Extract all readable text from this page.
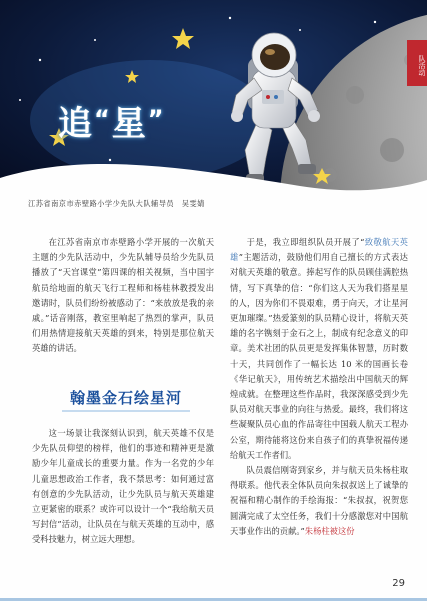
追“星”
队活动
江苏省南京市赤壁路小学少先队大队辅导员　吴雯婧

在江苏省南京市赤壁路小学开展的一次航天主题的少先队活动中，少先队辅导员给少先队员播放了“天宫课堂”第四课的相关视频，当中国宇航员给地面的航天飞行工程师和杨桂林教授发出邀请时，队员们纷纷被感动了：“来放放是我的亲戚。”话音刚落，教室里响起了热烈的掌声，队员们用热情迎接航天英雄的到来，特别是那位航天英雄的讲话。

翰墨金石绘星河

这一场景让我深刻认识到，航天英雄不仅是少先队员仰望的榜样，他们的事迹和精神更是激励少年儿童成长的重要力量。作为一名党的少年儿童思想政治工作者，我不禁思考：如何通过富有创意的少先队活动，让少先队员与航天英雄建立更紧密的联系？或许可以设计一个“我给航天员写封信”活动，让队员在与航天英雄的互动中，感受科技魅力，树立远大理想。

于是，我立即组织队员开展了“致敬航天英雄”主题活动，鼓励他们用自己擅长的方式表达对航天英雄的敬意。捧起写作的队员顾佳满腔热情，写下真挚的信：“你们这人天为我们搭星星的人，因为你们不畏艰难，勇于向天，才让星河更加璀璨。”热爱篆刻的队员精心设计，将航天英雄的名字镌刻于金石之上，制成有纪念意义的印章。美术社团的队员更是发挥集体智慧，历时数十天，共同创作了一幅长达 10 米的国画长卷《华记航天》，用传统艺术描绘出中国航天的辉煌成就。在整理这些作品时，我深深感受到少先队员对航天事业的向往与热爱。最终，我们将这些凝聚队员心血的作品寄往中国载人航天工程办公室，期待能将这份来自孩子们的真挚祝福传递给航天工作者们。

队员震信刚寄到家乡，并与航天员朱杨柱取得联系。他代表全体队员向朱叔叔送上了诚挚的祝福和精心制作的手绘海报：“朱叔叔，祝贺您圆满完成了太空任务，我们十分感激您对中国航天事业作出的贡献。”朱杨柱被这份

29
